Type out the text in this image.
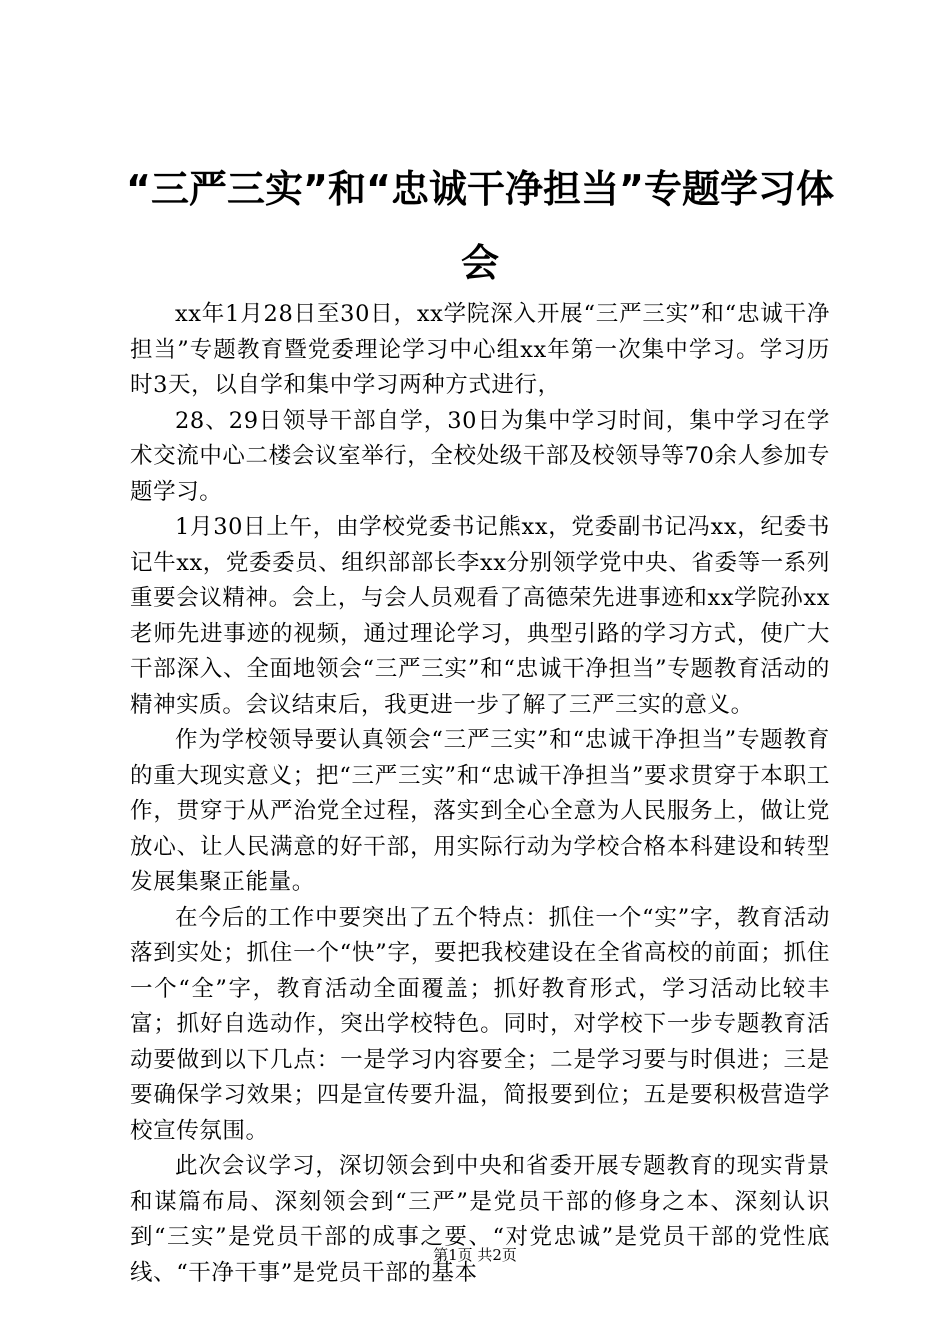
“三严三实”和“忠诚干净担当”专题学习体会

xx年1月28日至30日，xx学院深入开展“三严三实”和“忠诚干净担当”专题教育暨党委理论学习中心组xx年第一次集中学习。学习历时3天，以自学和集中学习两种方式进行，

28、29日领导干部自学，30日为集中学习时间，集中学习在学术交流中心二楼会议室举行，全校处级干部及校领导等70余人参加专题学习。

1月30日上午，由学校党委书记熊xx，党委副书记冯xx，纪委书记牛xx，党委委员、组织部部长李xx分别领学党中央、省委等一系列重要会议精神。会上，与会人员观看了高德荣先进事迹和xx学院孙xx老师先进事迹的视频，通过理论学习，典型引路的学习方式，使广大干部深入、全面地领会“三严三实”和“忠诚干净担当”专题教育活动的精神实质。会议结束后，我更进一步了解了三严三实的意义。

作为学校领导要认真领会“三严三实”和“忠诚干净担当”专题教育的重大现实意义；把“三严三实”和“忠诚干净担当”要求贯穿于本职工作，贯穿于从严治党全过程，落实到全心全意为人民服务上，做让党放心、让人民满意的好干部，用实际行动为学校合格本科建设和转型发展集聚正能量。

在今后的工作中要突出了五个特点：抓住一个“实”字，教育活动落到实处；抓住一个“快”字，要把我校建设在全省高校的前面；抓住一个“全”字，教育活动全面覆盖；抓好教育形式，学习活动比较丰富；抓好自选动作，突出学校特色。同时，对学校下一步专题教育活动要做到以下几点：一是学习内容要全；二是学习要与时俱进；三是要确保学习效果；四是宣传要升温，简报要到位；五是要积极营造学校宣传氛围。

此次会议学习，深切领会到中央和省委开展专题教育的现实背景和谋篇布局、深刻领会到“三严”是党员干部的修身之本、深刻认识到“三实”是党员干部的成事之要、“对党忠诚”是党员干部的党性底线、“干净干事”是党员干部的基本

第1页 共2页
